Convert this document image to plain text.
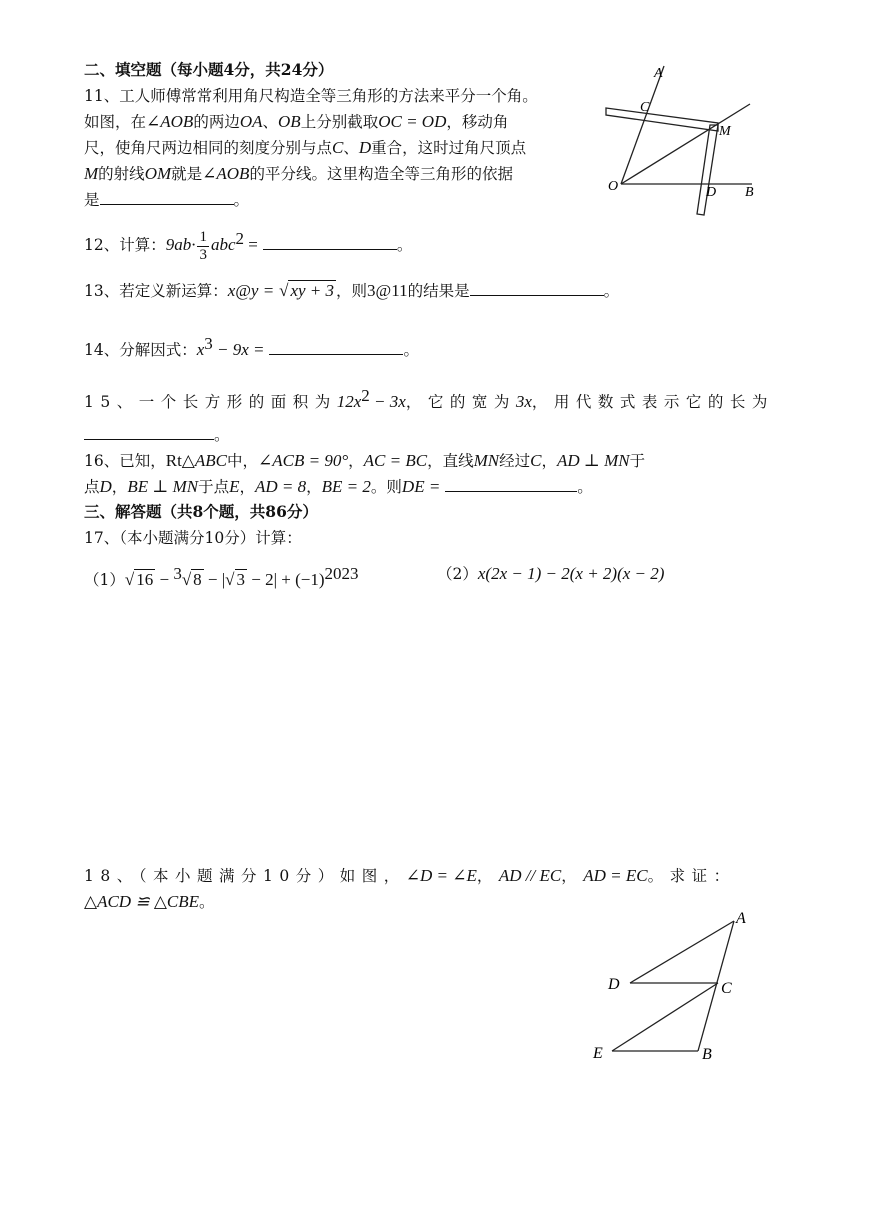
二、填空题（每小题4分，共24分）
11、工人师傅常常利用角尺构造全等三角形的方法来平分一个角。
如图，在∠AOB的两边OA、OB上分别截取OC = OD，移动角
尺，使角尺两边相同的刻度分别与点C、D重合，这时过角尺顶点
M的射线OM就是∠AOB的平分线。这里构造全等三角形的依据
是	。
A
C
M
O	D B
12、计算：$9ab\cdot \frac{1}{3} abc^2$ =	。
13、若定义新运算：x@y = √ xy + 3 ，则3@11的结果是	。
14、分解因式：$x^3 - 9x$ =	。
15、一个长方形的面积为$12x^2 - 3x$，它的宽为3x，用代数式表示它的长为
。
16、已知，Rt△ABC中，∠ACB = 90°，AC = BC，直线MN经过C，AD ⊥ MN于
点D，BE ⊥ MN于点E，AD = 8，BE = 2。则DE =	。
三、解答题（共8个题，共86分）
17、（本小题满分10分）计算：
（1）√ 16 − $^3$√ 8 − |√ $3 - 2| + (-1)^{2023}$	（2）x(2x − 1) − 2(x + 2)(x − 2)
18、（本小题满分10分）如图，∠D = ∠E，AD // EC，AD = EC。求证：
△ACD ≌ △CBE。
A
D	C
E	B
